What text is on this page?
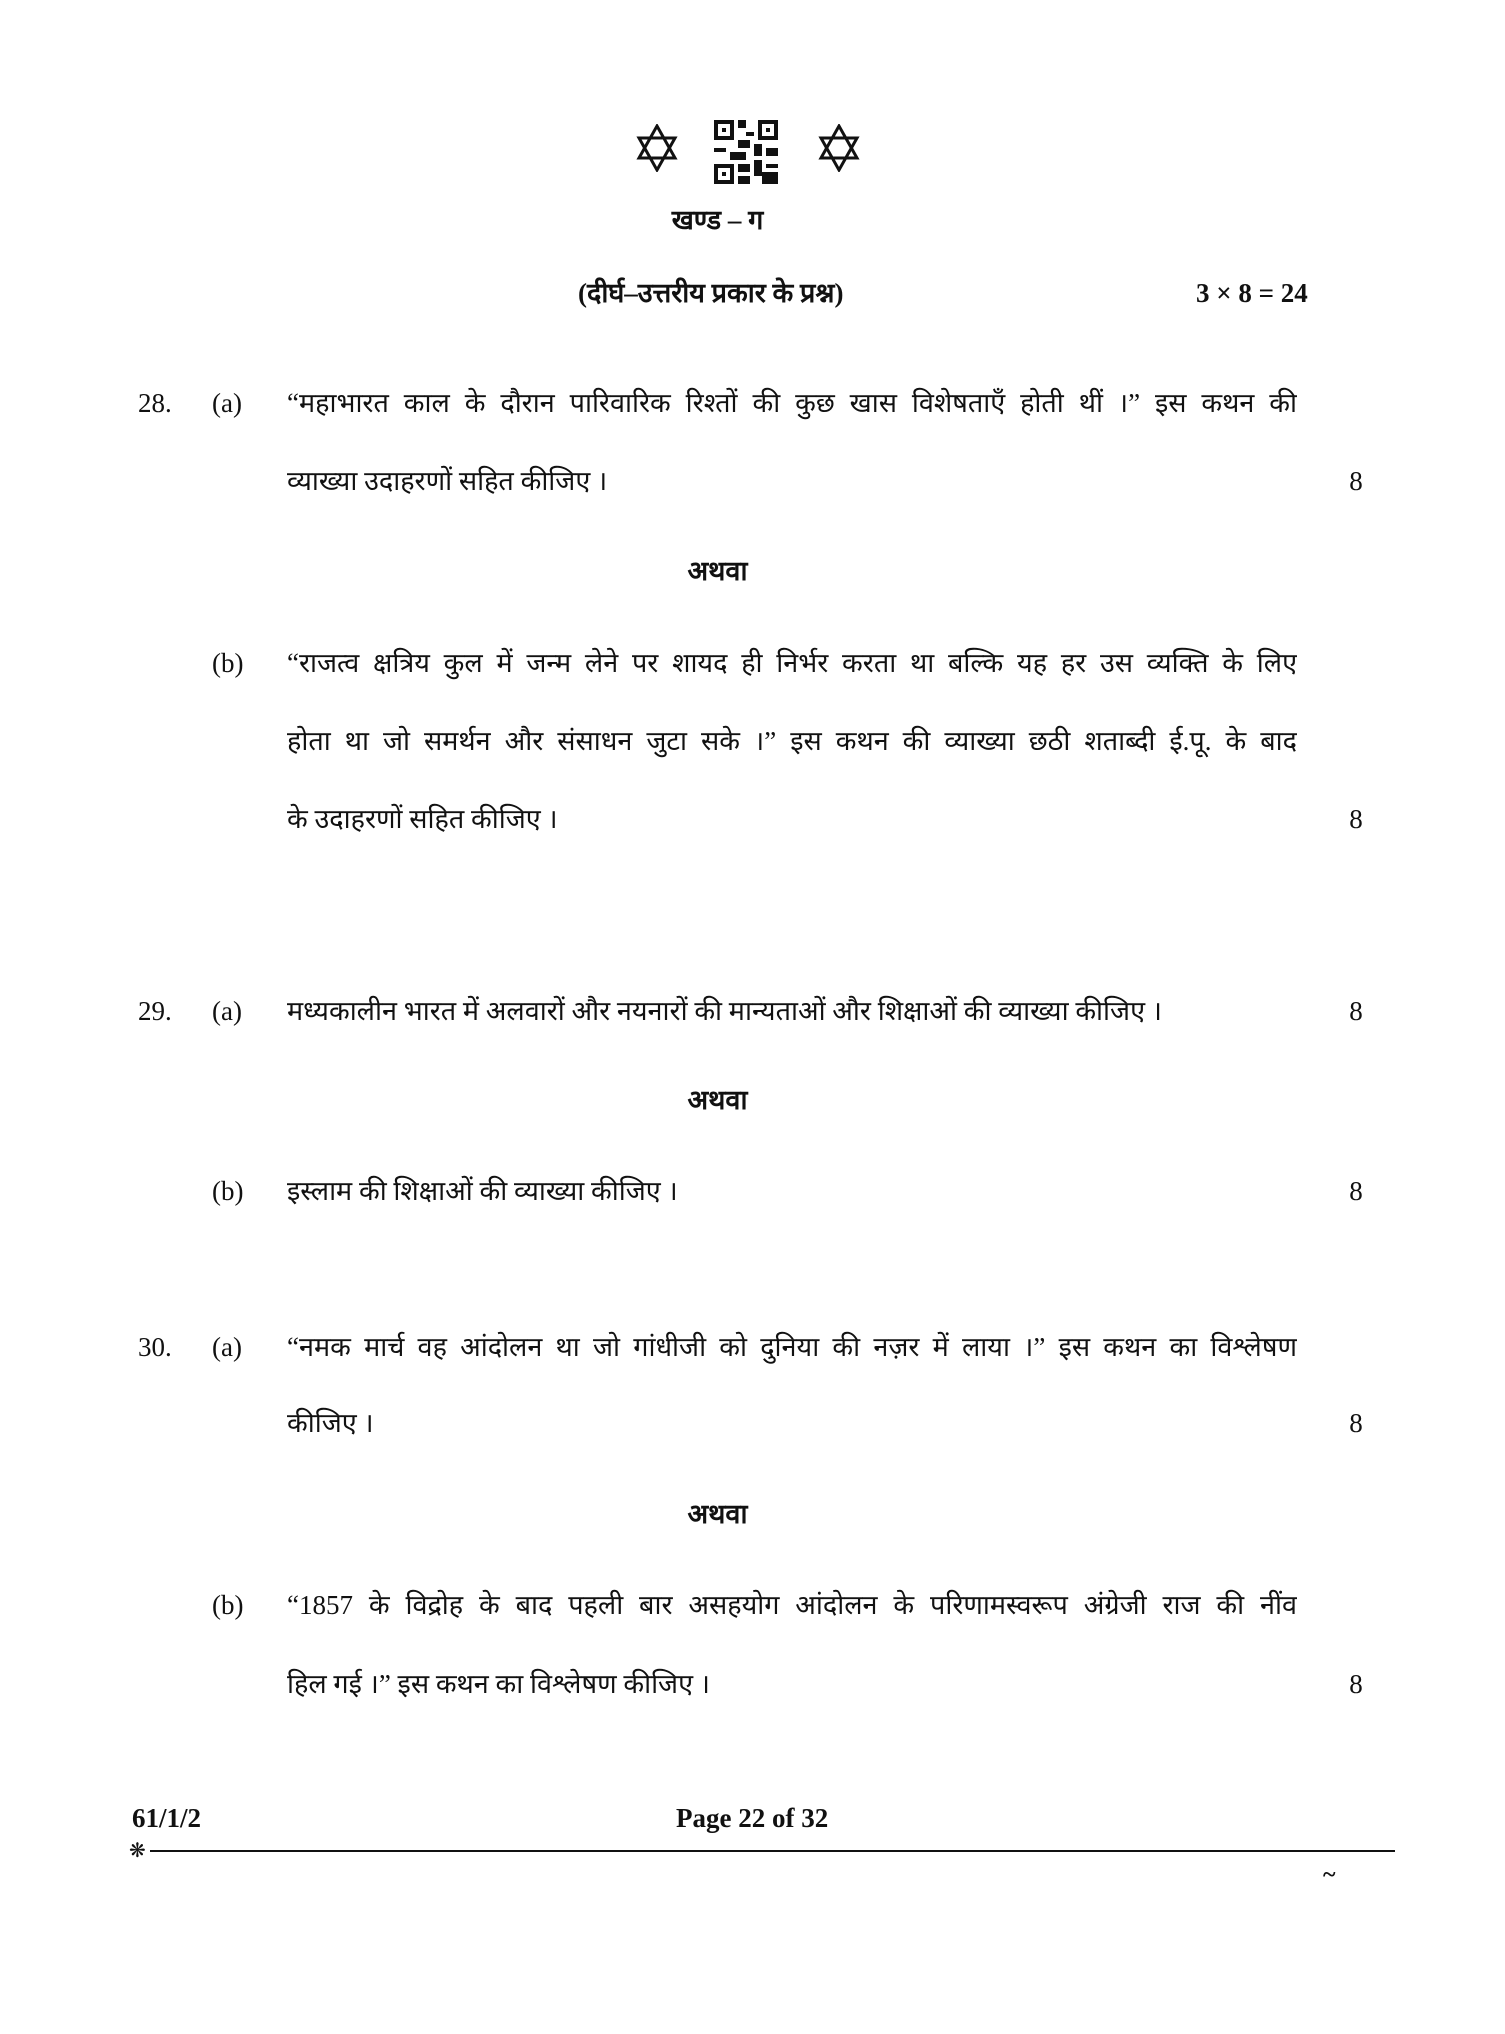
खण्ड – ग
(दीर्घ–उत्तरीय प्रकार के प्रश्न)	3 × 8 = 24
28. (a) “महाभारत काल के दौरान पारिवारिक रिश्तों की कुछ खास विशेषताएँ होती थीं ।” इस कथन की
व्याख्या उदाहरणों सहित कीजिए ।	8
अथवा
(b) “राजत्व क्षत्रिय कुल में जन्म लेने पर शायद ही निर्भर करता था बल्कि यह हर उस व्यक्ति के लिए
होता था जो समर्थन और संसाधन जुटा सके ।” इस कथन की व्याख्या छठी शताब्दी ई.पू. के बाद
के उदाहरणों सहित कीजिए ।	8
29. (a) मध्यकालीन भारत में अलवारों और नयनारों की मान्यताओं और शिक्षाओं की व्याख्या कीजिए ।	8
अथवा
(b) इस्लाम की शिक्षाओं की व्याख्या कीजिए ।	8
30. (a) “नमक मार्च वह आंदोलन था जो गांधीजी को दुनिया की नज़र में लाया ।” इस कथन का विश्लेषण
कीजिए ।	8
अथवा
(b) “1857 के विद्रोह के बाद पहली बार असहयोग आंदोलन के परिणामस्वरूप अंग्रेजी राज की नींव
हिल गई ।” इस कथन का विश्लेषण कीजिए ।	8
61/1/2	Page 22 of 32
❋
~
